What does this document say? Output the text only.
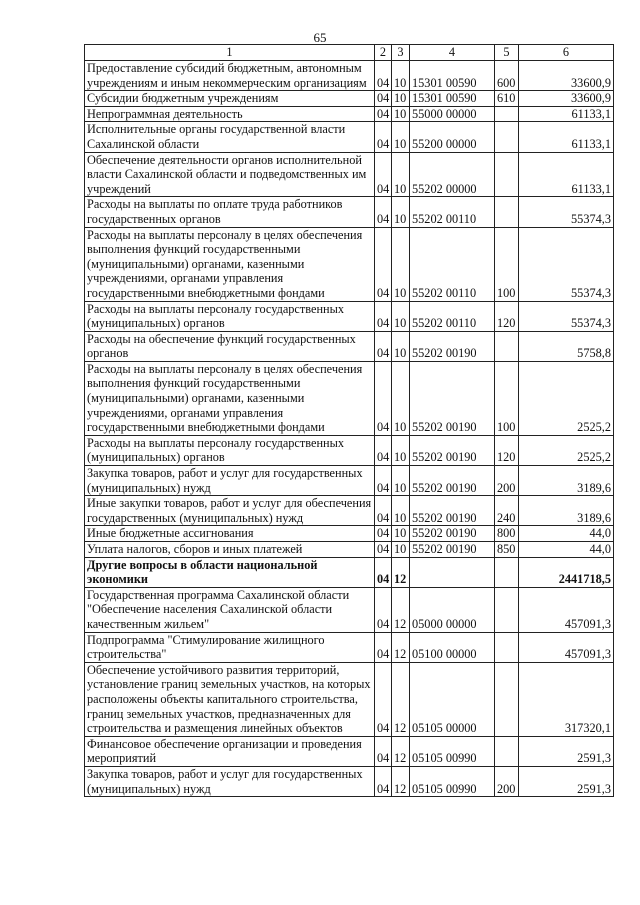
65
1	2	3	4	5	6
Предоставление субсидий бюджетным, автономным учреждениям и иным некоммерческим организациям	04	10	15301 00590	600	33600,9
Субсидии бюджетным учреждениям	04	10	15301 00590	610	33600,9
Непрограммная деятельность	04	10	55000 00000		61133,1
Исполнительные органы государственной власти Сахалинской области	04	10	55200 00000		61133,1
Обеспечение деятельности органов исполнительной власти Сахалинской области и подведомственных им учреждений	04	10	55202 00000		61133,1
Расходы на выплаты по оплате труда работников государственных органов	04	10	55202 00110		55374,3
Расходы на выплаты персоналу в целях обеспечения выполнения функций государственными (муниципальными) органами, казенными учреждениями, органами управления государственными внебюджетными фондами	04	10	55202 00110	100	55374,3
Расходы на выплаты персоналу государственных (муниципальных) органов	04	10	55202 00110	120	55374,3
Расходы на обеспечение функций государственных органов	04	10	55202 00190		5758,8
Расходы на выплаты персоналу в целях обеспечения выполнения функций государственными (муниципальными) органами, казенными учреждениями, органами управления государственными внебюджетными фондами	04	10	55202 00190	100	2525,2
Расходы на выплаты персоналу государственных (муниципальных) органов	04	10	55202 00190	120	2525,2
Закупка товаров, работ и услуг для государственных (муниципальных) нужд	04	10	55202 00190	200	3189,6
Иные закупки товаров, работ и услуг для обеспечения государственных (муниципальных) нужд	04	10	55202 00190	240	3189,6
Иные бюджетные ассигнования	04	10	55202 00190	800	44,0
Уплата налогов, сборов и иных платежей	04	10	55202 00190	850	44,0
Другие вопросы в области национальной экономики	04	12			2441718,5
Государственная программа Сахалинской области "Обеспечение населения Сахалинской области качественным жильем"	04	12	05000 00000		457091,3
Подпрограмма "Стимулирование жилищного строительства"	04	12	05100 00000		457091,3
Обеспечение устойчивого развития территорий, установление границ земельных участков, на которых расположены объекты капитального строительства, границ земельных участков, предназначенных для строительства и размещения линейных объектов	04	12	05105 00000		317320,1
Финансовое обеспечение организации и проведения мероприятий	04	12	05105 00990		2591,3
Закупка товаров, работ и услуг для государственных (муниципальных) нужд	04	12	05105 00990	200	2591,3
